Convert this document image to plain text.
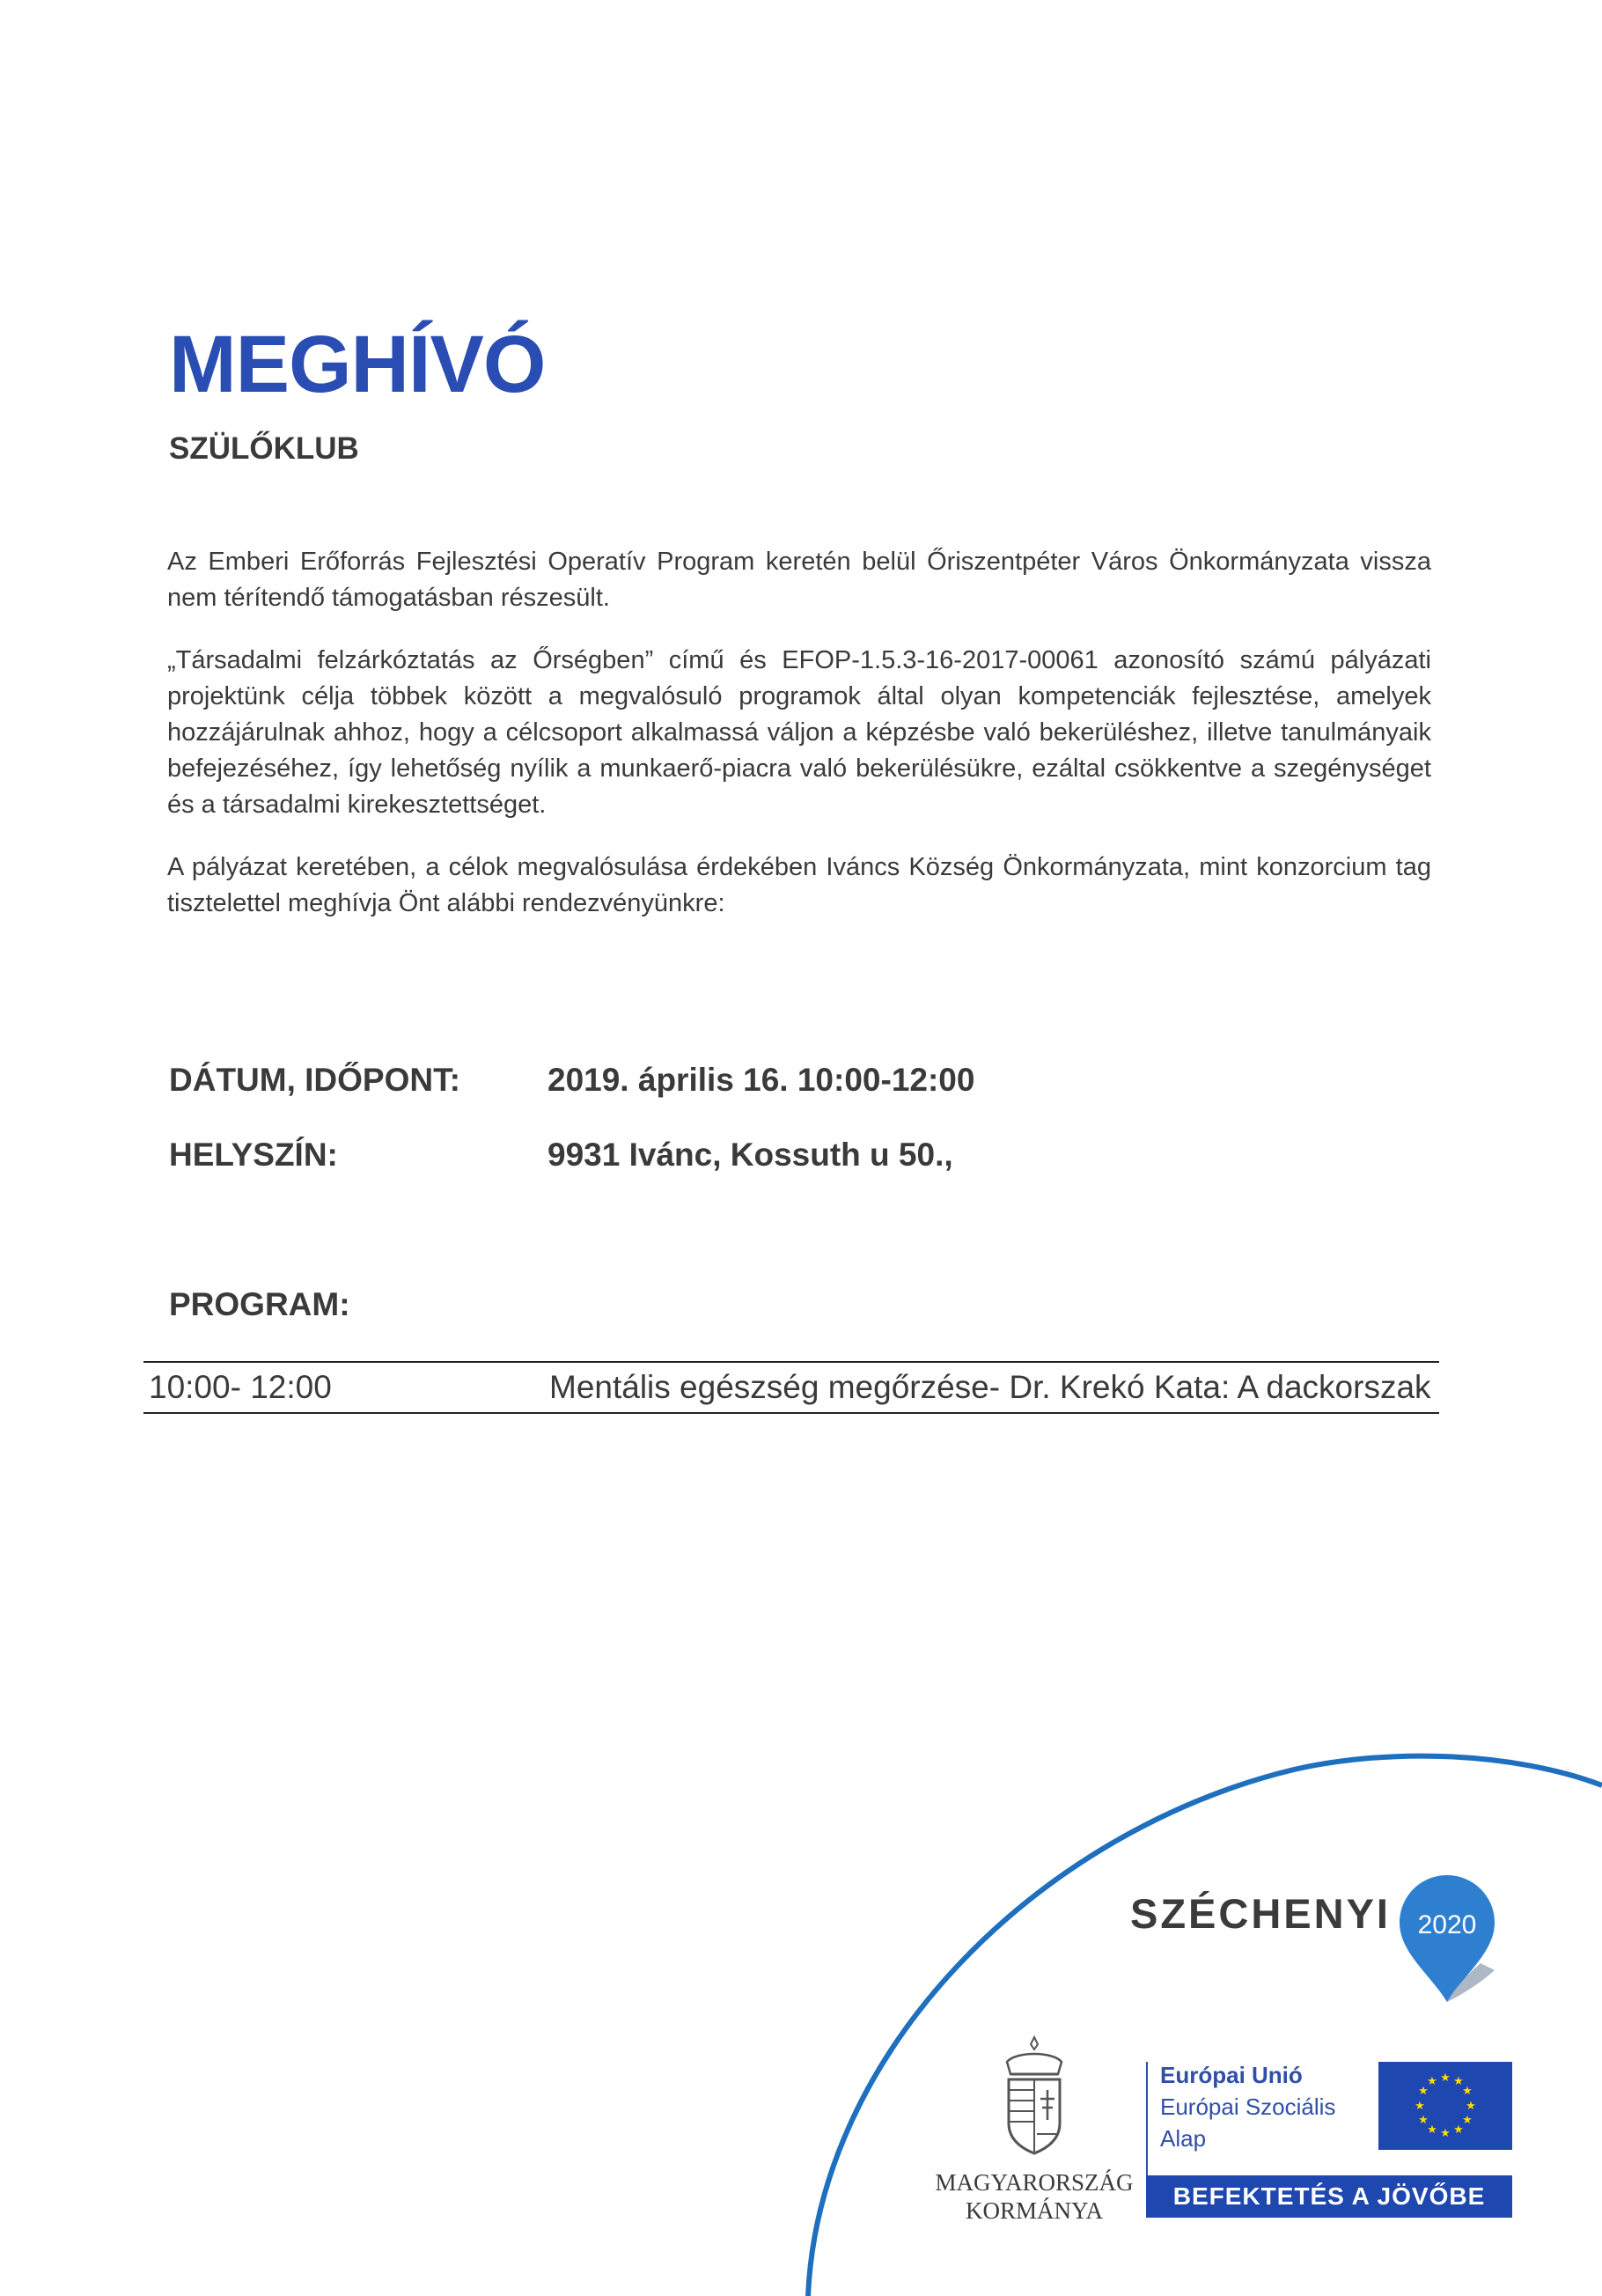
MEGHÍVÓ
SZÜLŐKLUB
Az Emberi Erőforrás Fejlesztési Operatív Program keretén belül Őriszentpéter Város Önkormányzata vissza nem térítendő támogatásban részesült.
„Társadalmi felzárkóztatás az Őrségben” című és EFOP-1.5.3-16-2017-00061 azonosító számú pályázati projektünk célja többek között a megvalósuló programok által olyan kompetenciák fejlesztése, amelyek hozzájárulnak ahhoz, hogy a célcsoport alkalmassá váljon a képzésbe való bekerüléshez, illetve tanulmányaik befejezéséhez, így lehetőség nyílik a munkaerő-piacra való bekerülésükre, ezáltal csökkentve a szegénységet és a társadalmi kirekesztettséget.
A pályázat keretében, a célok megvalósulása érdekében Iváncs Község Önkormányzata, mint konzorcium tag tisztelettel meghívja Önt alábbi rendezvényünkre:
DÁTUM, IDŐPONT:	2019. április 16. 10:00-12:00
HELYSZÍN:	9931 Ivánc, Kossuth u 50.,
PROGRAM:
10:00- 12:00	Mentális egészség megőrzése- Dr. Krekó Kata: A dackorszak
SZÉCHENYI 2020
MAGYARORSZÁG
KORMÁNYA
Európai Unió
Európai Szociális
Alap
★ ★
★
★
★
★
★
★
★
★
★
★
BEFEKTETÉS A JÖVŐBE
